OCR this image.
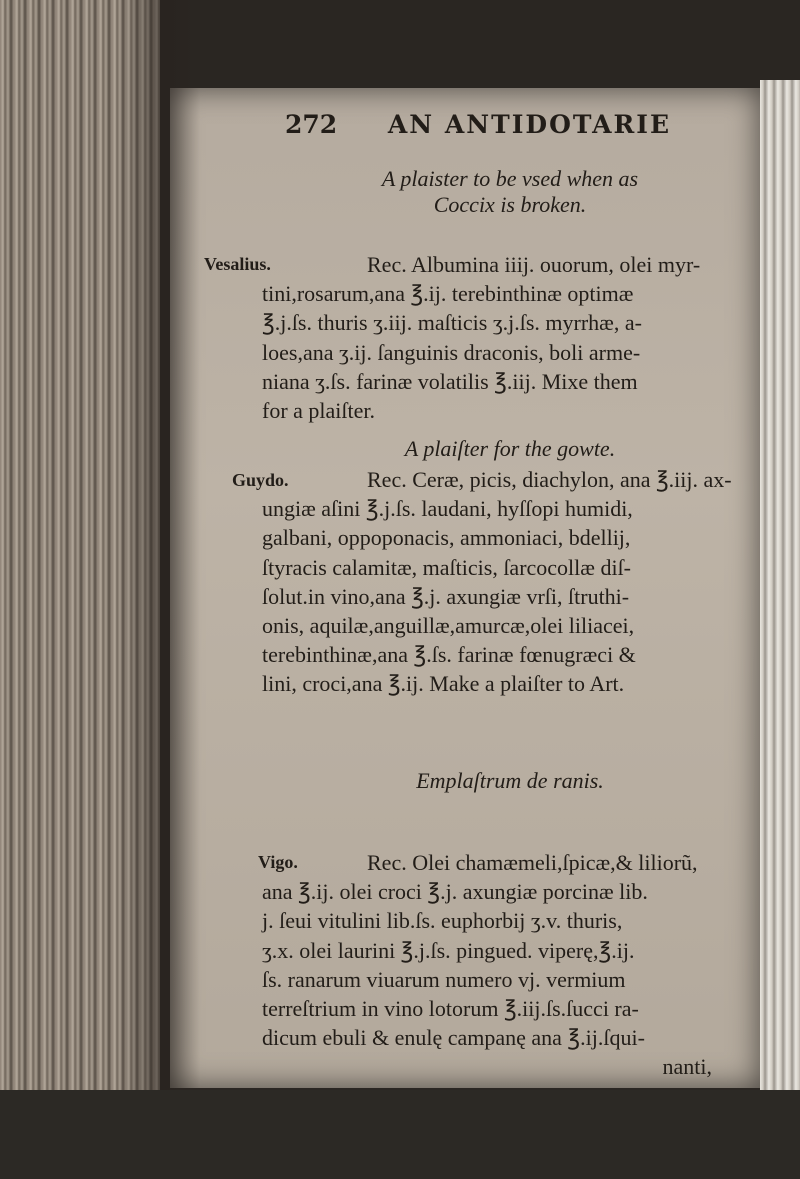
272 AN ANTIDOTARIE
A plaister to be vsed when as
Coccix is broken.
Vesalius.	Rec. Albumina iiij. ouorum, olei myr-

tini,rosarum,ana ℥.ij. terebinthinæ optimæ

℥.j.ſs. thuris ʒ.iij. maſticis ʒ.j.ſs. myrrhæ, a-

loes,ana ʒ.ij. ſanguinis draconis, boli arme-

niana ʒ.ſs. farinæ volatilis ℥.iij. Mixe them

for a plaiſter.

A plaiſter for the gowte.
Guydo.	Rec. Ceræ, picis, diachylon, ana ℥.iij. ax-

ungiæ aſini ℥.j.ſs. laudani, hyſſopi humidi,

galbani, oppoponacis, ammoniaci, bdellij,

ſtyracis calamitæ, maſticis, ſarcocollæ diſ-

ſolut.in vino,ana ℥.j. axungiæ vrſi, ſtruthi-

onis, aquilæ,anguillæ,amurcæ,olei liliacei,

terebinthinæ,ana ℥.ſs. farinæ fœnugræci &

lini, croci,ana ℥.ij. Make a plaiſter to Art.

Emplaſtrum de ranis.
Vigo.	Rec. Olei chamæmeli,ſpicæ,& liliorũ,

ana ℥.ij. olei croci ℥.j. axungiæ porcinæ lib.

j. ſeui vitulini lib.ſs. euphorbij ʒ.v. thuris,

ʒ.x. olei laurini ℥.j.ſs. pingued. viperę,℥.ij.

ſs. ranarum viuarum numero vj. vermium

terreſtrium in vino lotorum ℥.iij.ſs.ſucci ra-

dicum ebuli & enulę campanę ana ℥.ij.ſqui-

nanti,
